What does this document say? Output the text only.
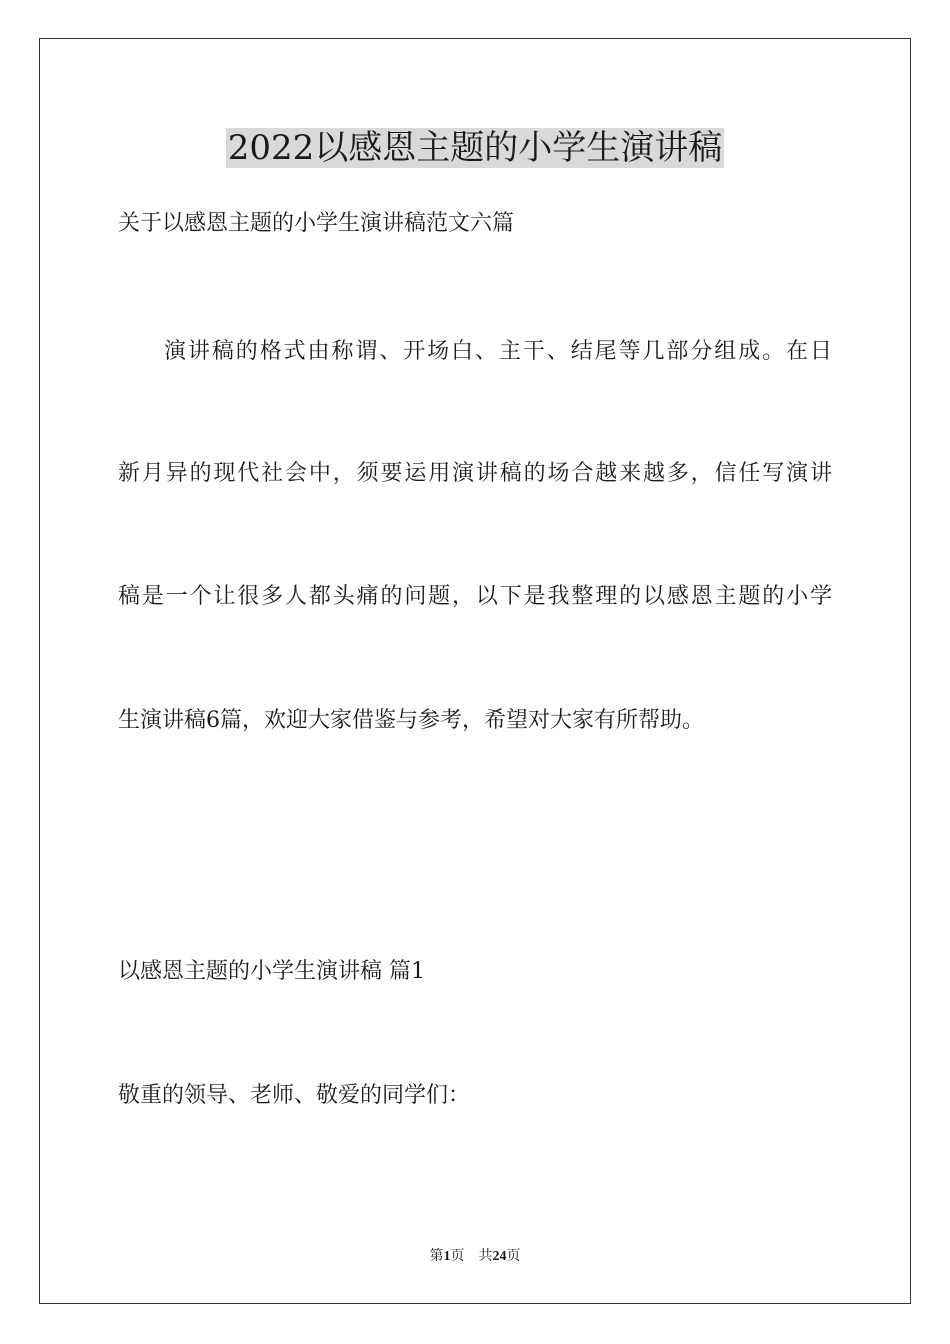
2022以感恩主题的小学生演讲稿
关于以感恩主题的小学生演讲稿范文六篇
演讲稿的格式由称谓、开场白、主干、结尾等几部分组成。在日
新月异的现代社会中，须要运用演讲稿的场合越来越多，信任写演讲
稿是一个让很多人都头痛的问题，以下是我整理的以感恩主题的小学
生演讲稿6篇，欢迎大家借鉴与参考，希望对大家有所帮助。
以感恩主题的小学生演讲稿 篇1
敬重的领导、老师、敬爱的同学们：
第1页 共24页
